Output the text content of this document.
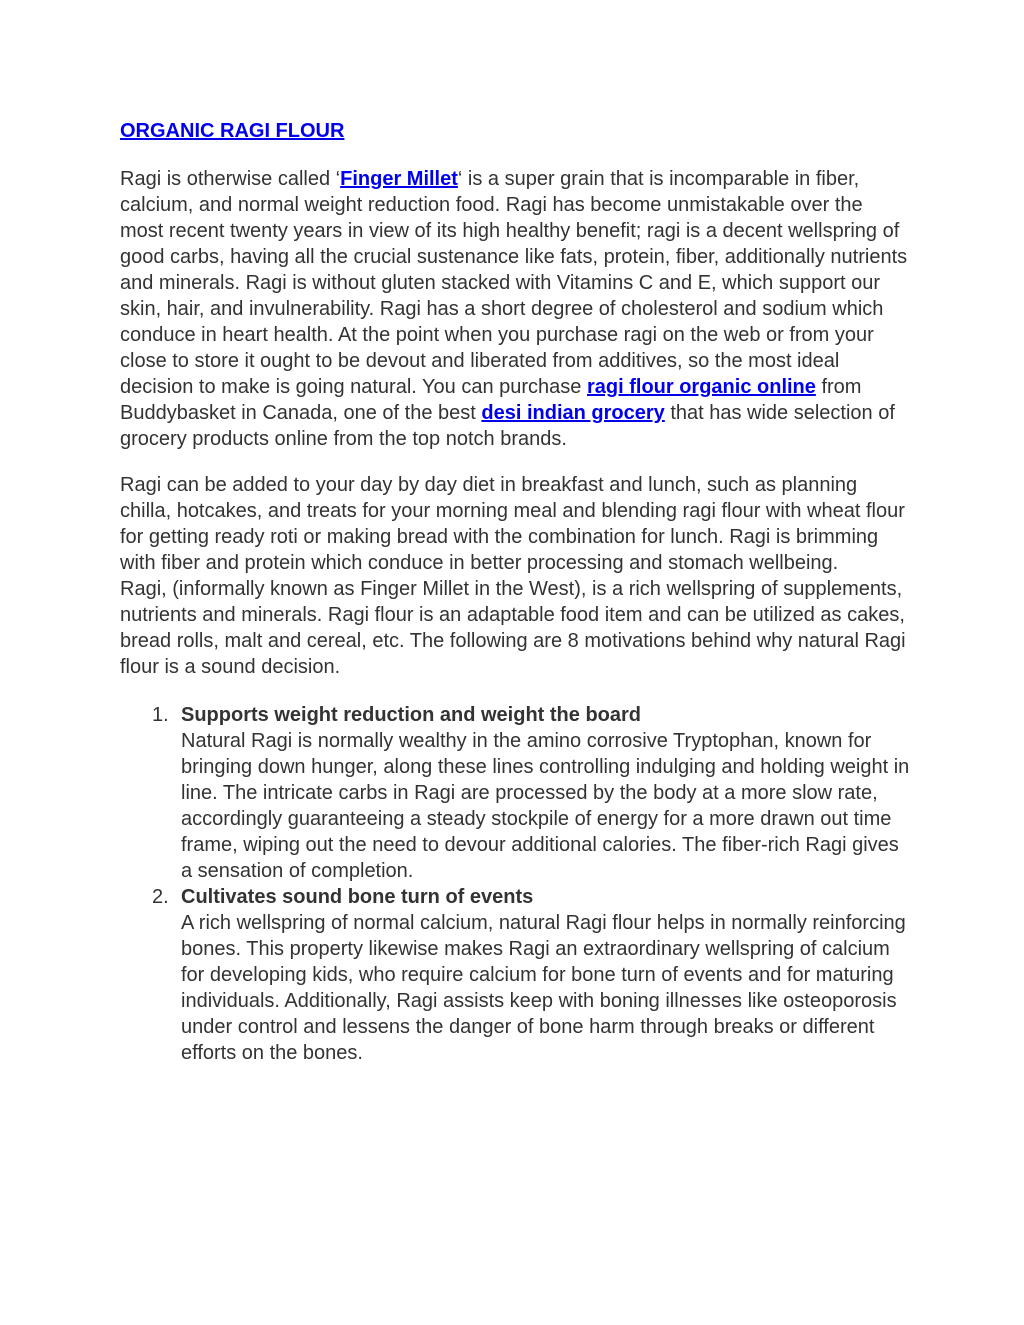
ORGANIC RAGI FLOUR

Ragi is otherwise called ‘Finger Millet‘ is a super grain that is incomparable in fiber, calcium, and normal weight reduction food. Ragi has become unmistakable over the most recent twenty years in view of its high healthy benefit; ragi is a decent wellspring of good carbs, having all the crucial sustenance like fats, protein, fiber, additionally nutrients and minerals. Ragi is without gluten stacked with Vitamins C and E, which support our skin, hair, and invulnerability. Ragi has a short degree of cholesterol and sodium which conduce in heart health. At the point when you purchase ragi on the web or from your close to store it ought to be devout and liberated from additives, so the most ideal decision to make is going natural. You can purchase ragi flour organic online from Buddybasket in Canada, one of the best desi indian grocery that has wide selection of grocery products online from the top notch brands.

Ragi can be added to your day by day diet in breakfast and lunch, such as planning chilla, hotcakes, and treats for your morning meal and blending ragi flour with wheat flour for getting ready roti or making bread with the combination for lunch. Ragi is brimming with fiber and protein which conduce in better processing and stomach wellbeing.

Ragi, (informally known as Finger Millet in the West), is a rich wellspring of supplements, nutrients and minerals. Ragi flour is an adaptable food item and can be utilized as cakes, bread rolls, malt and cereal, etc. The following are 8 motivations behind why natural Ragi flour is a sound decision.

1. Supports weight reduction and weight the board
Natural Ragi is normally wealthy in the amino corrosive Tryptophan, known for bringing down hunger, along these lines controlling indulging and holding weight in line. The intricate carbs in Ragi are processed by the body at a more slow rate, accordingly guaranteeing a steady stockpile of energy for a more drawn out time frame, wiping out the need to devour additional calories. The fiber-rich Ragi gives a sensation of completion.
2. Cultivates sound bone turn of events
A rich wellspring of normal calcium, natural Ragi flour helps in normally reinforcing bones. This property likewise makes Ragi an extraordinary wellspring of calcium for developing kids, who require calcium for bone turn of events and for maturing individuals. Additionally, Ragi assists keep with boning illnesses like osteoporosis under control and lessens the danger of bone harm through breaks or different efforts on the bones.
